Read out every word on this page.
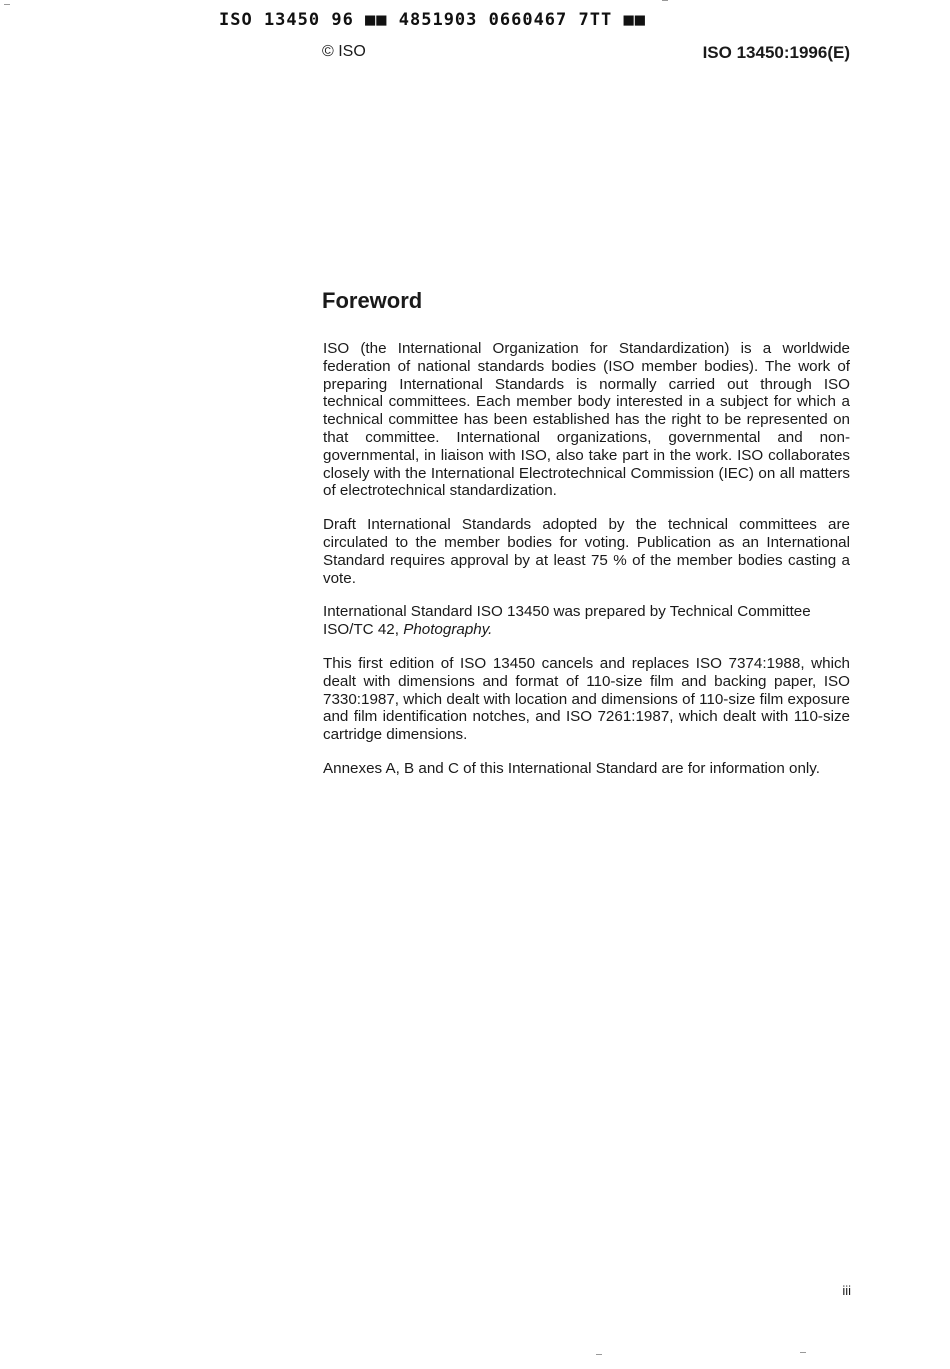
ISO 13450 96 ■■ 4851903 0660467 7TT ■■
© ISO	ISO 13450:1996(E)
Foreword

ISO (the International Organization for Standardization) is a worldwide federation of national standards bodies (ISO member bodies). The work of preparing International Standards is normally carried out through ISO technical committees. Each member body interested in a subject for which a technical committee has been established has the right to be represented on that committee. International organizations, governmental and non-governmental, in liaison with ISO, also take part in the work. ISO collaborates closely with the International Electrotechnical Commission (IEC) on all matters of electrotechnical standardization.

Draft International Standards adopted by the technical committees are circulated to the member bodies for voting. Publication as an International Standard requires approval by at least 75 % of the member bodies casting a vote.

International Standard ISO 13450 was prepared by Technical Committee ISO/TC 42, Photography.

This first edition of ISO 13450 cancels and replaces ISO 7374:1988, which dealt with dimensions and format of 110-size film and backing paper, ISO 7330:1987, which dealt with location and dimensions of 110-size film exposure and film identification notches, and ISO 7261:1987, which dealt with 110-size cartridge dimensions.

Annexes A, B and C of this International Standard are for information only.

iii
